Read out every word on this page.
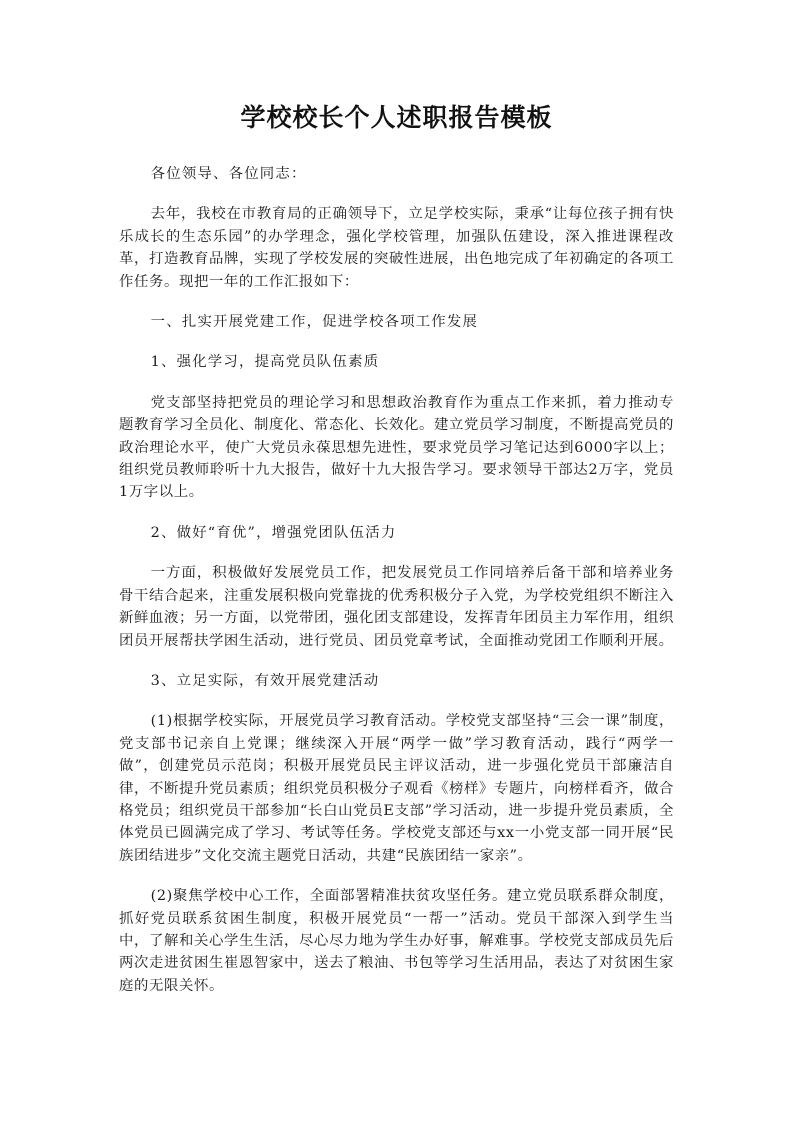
学校校长个人述职报告模板

各位领导、各位同志：

去年，我校在市教育局的正确领导下，立足学校实际，秉承“让每位孩子拥有快乐成长的生态乐园”的办学理念，强化学校管理，加强队伍建设，深入推进课程改革，打造教育品牌，实现了学校发展的突破性进展，出色地完成了年初确定的各项工作任务。现把一年的工作汇报如下：

一、扎实开展党建工作，促进学校各项工作发展

1、强化学习，提高党员队伍素质

党支部坚持把党员的理论学习和思想政治教育作为重点工作来抓，着力推动专题教育学习全员化、制度化、常态化、长效化。建立党员学习制度，不断提高党员的政治理论水平，使广大党员永葆思想先进性，要求党员学习笔记达到6000字以上；组织党员教师聆听十九大报告，做好十九大报告学习。要求领导干部达2万字，党员1万字以上。

2、做好“育优”，增强党团队伍活力

一方面，积极做好发展党员工作，把发展党员工作同培养后备干部和培养业务骨干结合起来，注重发展积极向党靠拢的优秀积极分子入党，为学校党组织不断注入新鲜血液；另一方面，以党带团，强化团支部建设，发挥青年团员主力军作用，组织团员开展帮扶学困生活动，进行党员、团员党章考试，全面推动党团工作顺利开展。

3、立足实际，有效开展党建活动

(1)根据学校实际，开展党员学习教育活动。学校党支部坚持“三会一课”制度，党支部书记亲自上党课；继续深入开展“两学一做”学习教育活动，践行“两学一做”，创建党员示范岗；积极开展党员民主评议活动，进一步强化党员干部廉洁自律，不断提升党员素质；组织党员积极分子观看《榜样》专题片，向榜样看齐，做合格党员；组织党员干部参加“长白山党员E支部”学习活动，进一步提升党员素质，全体党员已圆满完成了学习、考试等任务。学校党支部还与xx一小党支部一同开展“民族团结进步”文化交流主题党日活动，共建“民族团结一家亲”。

(2)聚焦学校中心工作，全面部署精准扶贫攻坚任务。建立党员联系群众制度，抓好党员联系贫困生制度，积极开展党员“一帮一”活动。党员干部深入到学生当中，了解和关心学生生活，尽心尽力地为学生办好事，解难事。学校党支部成员先后两次走进贫困生崔恩智家中，送去了粮油、书包等学习生活用品，表达了对贫困生家庭的无限关怀。
